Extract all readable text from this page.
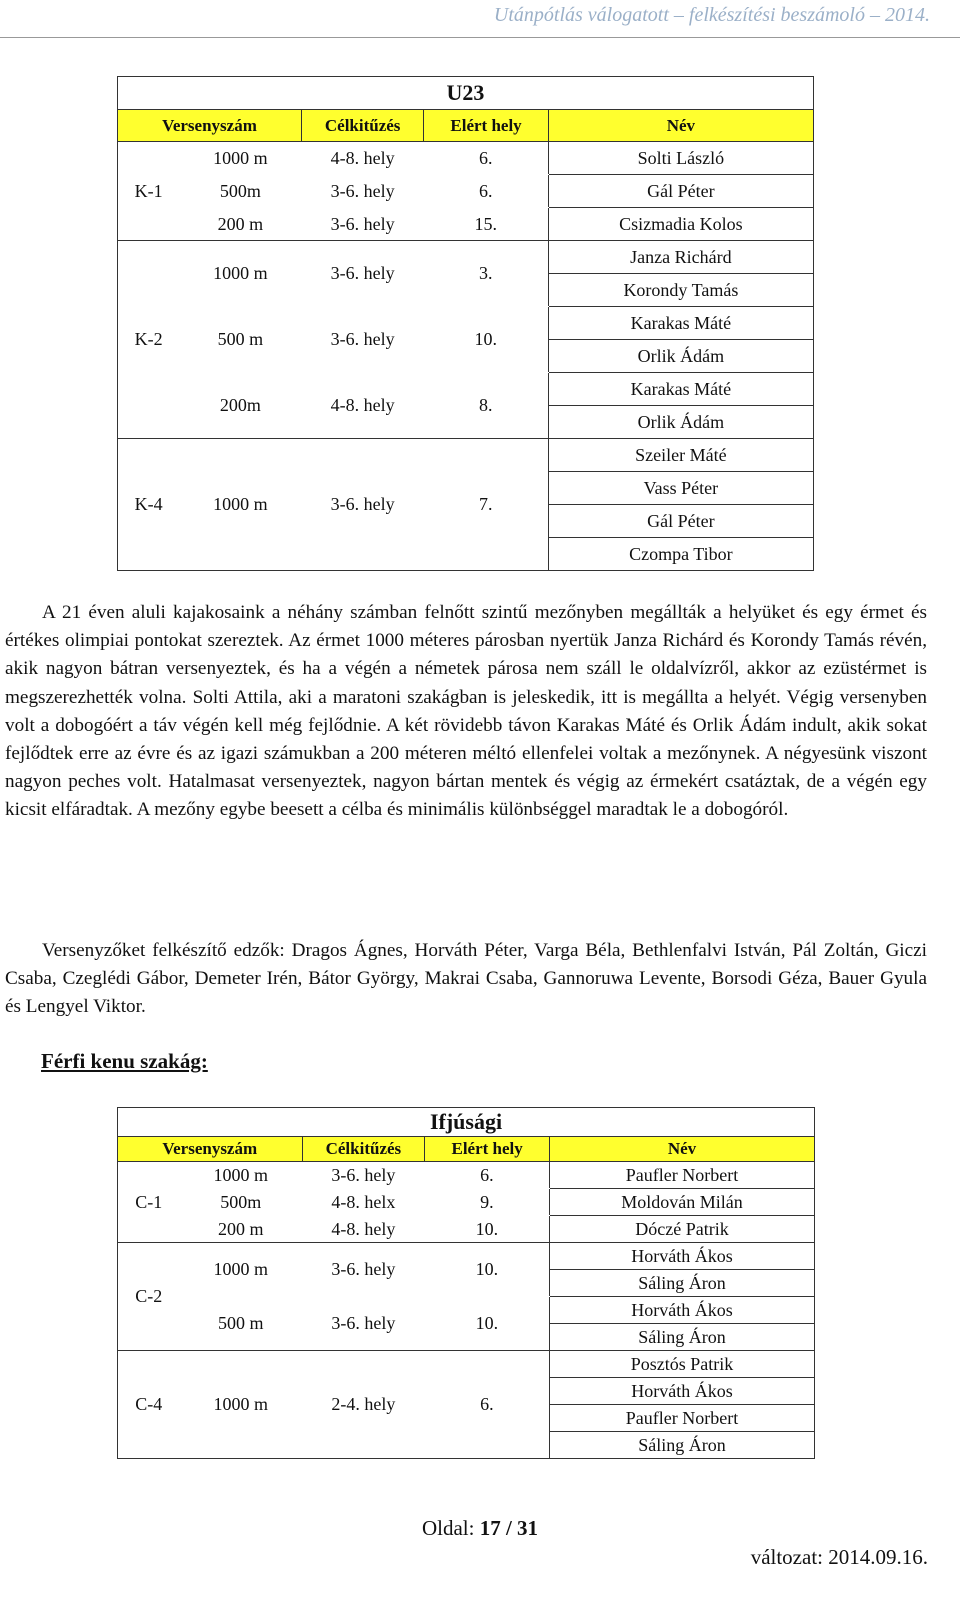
Utánpótlás válogatott – felkészítési beszámoló – 2014.
U23				
Versenyszám		Célkitűzés	Elért hely	Név
K-1	1000 m	4-8. hely	6.	Solti László
	500m	3-6. hely	6.	Gál Péter
	200 m	3-6. hely	15.	Csizmadia Kolos
K-2	1000 m	3-6. hely	3.	Janza Richárd
				Korondy Tamás
	500 m	3-6. hely	10.	Karakas Máté
				Orlik Ádám
	200m	4-8. hely	8.	Karakas Máté
				Orlik Ádám
K-4	1000 m	3-6. hely	7.	Szeiler Máté
				Vass Péter
				Gál Péter
				Czompa Tibor

A 21 éven aluli kajakosaink a néhány számban felnőtt szintű mezőnyben megállták a helyüket és egy érmet és értékes olimpiai pontokat szereztek. Az érmet 1000 méteres párosban nyertük Janza Richárd és Korondy Tamás révén, akik nagyon bátran versenyeztek, és ha a végén a németek párosa nem száll le oldalvízről, akkor az ezüstérmet is megszerezhették volna. Solti Attila, aki a maratoni szakágban is jeleskedik, itt is megállta a helyét. Végig versenyben volt a dobogóért a táv végén kell még fejlődnie. A két rövidebb távon Karakas Máté és Orlik Ádám indult, akik sokat fejlődtek erre az évre és az igazi számukban a 200 méteren méltó ellenfelei voltak a mezőnynek. A négyesünk viszont nagyon peches volt. Hatalmasat versenyeztek, nagyon bártan mentek és végig az érmekért csatáztak, de a végén egy kicsit elfáradtak. A mezőny egybe beesett a célba és minimális különbséggel maradtak le a dobogóról.

Versenyzőket felkészítő edzők: Dragos Ágnes, Horváth Péter, Varga Béla, Bethlenfalvi István, Pál Zoltán, Giczi Csaba, Czeglédi Gábor, Demeter Irén, Bátor György, Makrai Csaba, Gannoruwa Levente, Borsodi Géza, Bauer Gyula és Lengyel Viktor.

Férfi kenu szakág:

Ifjúsági				
Versenyszám		Célkitűzés	Elért hely	Név
C-1	1000 m	3-6. hely	6.	Paufler Norbert
	500m	4-8. helx	9.	Moldován Milán
	200 m	4-8. hely	10.	Dóczé Patrik
C-2	1000 m	3-6. hely	10.	Horváth Ákos
				Sáling Áron
	500 m	3-6. hely	10.	Horváth Ákos
				Sáling Áron
C-4	1000 m	2-4. hely	6.	Posztós Patrik
				Horváth Ákos
				Paufler Norbert
				Sáling Áron
Oldal: 17 / 31
változat: 2014.09.16.
